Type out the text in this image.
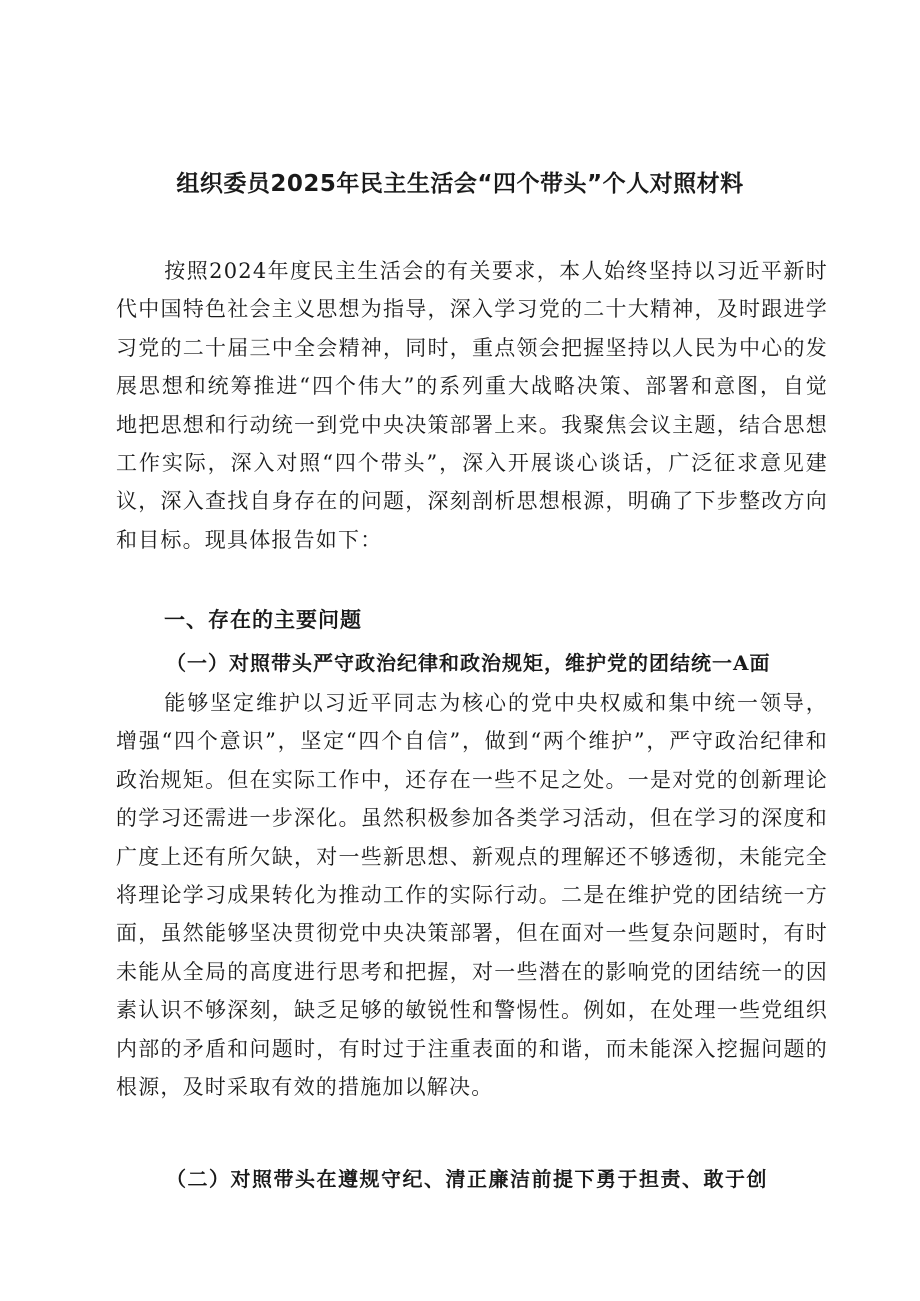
组织委员2025年民主生活会“四个带头”个人对照材料

按照2024年度民主生活会的有关要求，本人始终坚持以习近平新时代中国特色社会主义思想为指导，深入学习党的二十大精神，及时跟进学习党的二十届三中全会精神，同时，重点领会把握坚持以人民为中心的发展思想和统筹推进“四个伟大”的系列重大战略决策、部署和意图，自觉地把思想和行动统一到党中央决策部署上来。我聚焦会议主题，结合思想工作实际，深入对照“四个带头”，深入开展谈心谈话，广泛征求意见建议，深入查找自身存在的问题，深刻剖析思想根源，明确了下步整改方向和目标。现具体报告如下：

一、存在的主要问题
（一）对照带头严守政治纪律和政治规矩，维护党的团结统一A面

能够坚定维护以习近平同志为核心的党中央权威和集中统一领导，增强“四个意识”，坚定“四个自信”，做到“两个维护”，严守政治纪律和政治规矩。但在实际工作中，还存在一些不足之处。一是对党的创新理论的学习还需进一步深化。虽然积极参加各类学习活动，但在学习的深度和广度上还有所欠缺，对一些新思想、新观点的理解还不够透彻，未能完全将理论学习成果转化为推动工作的实际行动。二是在维护党的团结统一方面，虽然能够坚决贯彻党中央决策部署，但在面对一些复杂问题时，有时未能从全局的高度进行思考和把握，对一些潜在的影响党的团结统一的因素认识不够深刻，缺乏足够的敏锐性和警惕性。例如，在处理一些党组织内部的矛盾和问题时，有时过于注重表面的和谐，而未能深入挖掘问题的根源，及时采取有效的措施加以解决。

（二）对照带头在遵规守纪、清正廉洁前提下勇于担责、敢于创
